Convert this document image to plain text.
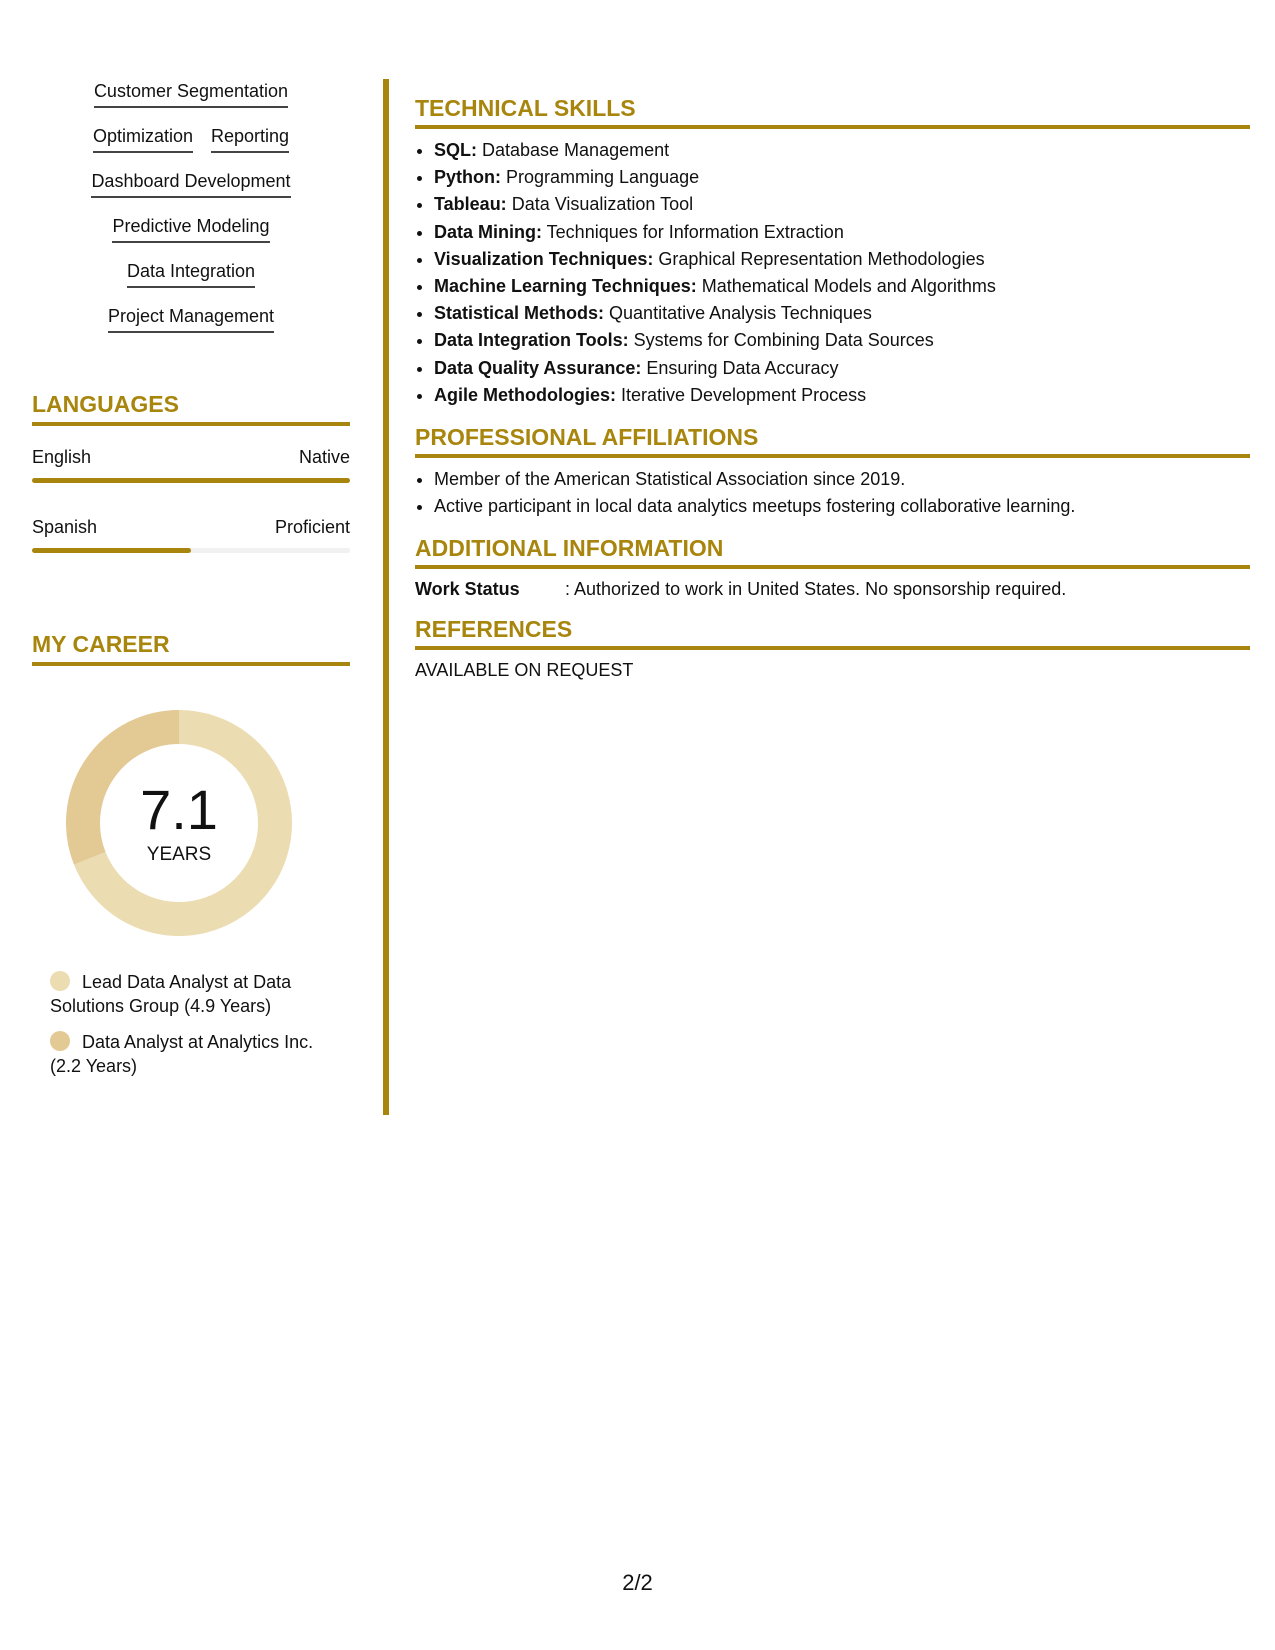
Customer Segmentation
Optimization Reporting
Dashboard Development
Predictive Modeling
Data Integration
Project Management
LANGUAGES
English	Native
Spanish	Proficient
MY CAREER
7.1
YEARS
Lead Data Analyst at Data Solutions Group (4.9 Years)
Data Analyst at Analytics Inc. (2.2 Years)
TECHNICAL SKILLS
• SQL: Database Management
• Python: Programming Language
• Tableau: Data Visualization Tool
• Data Mining: Techniques for Information Extraction
• Visualization Techniques: Graphical Representation Methodologies
• Machine Learning Techniques: Mathematical Models and Algorithms
• Statistical Methods: Quantitative Analysis Techniques
• Data Integration Tools: Systems for Combining Data Sources
• Data Quality Assurance: Ensuring Data Accuracy
• Agile Methodologies: Iterative Development Process
PROFESSIONAL AFFILIATIONS
• Member of the American Statistical Association since 2019.
• Active participant in local data analytics meetups fostering collaborative learning.
ADDITIONAL INFORMATION
Work Status	: Authorized to work in United States. No sponsorship required.
REFERENCES
AVAILABLE ON REQUEST
2/2
